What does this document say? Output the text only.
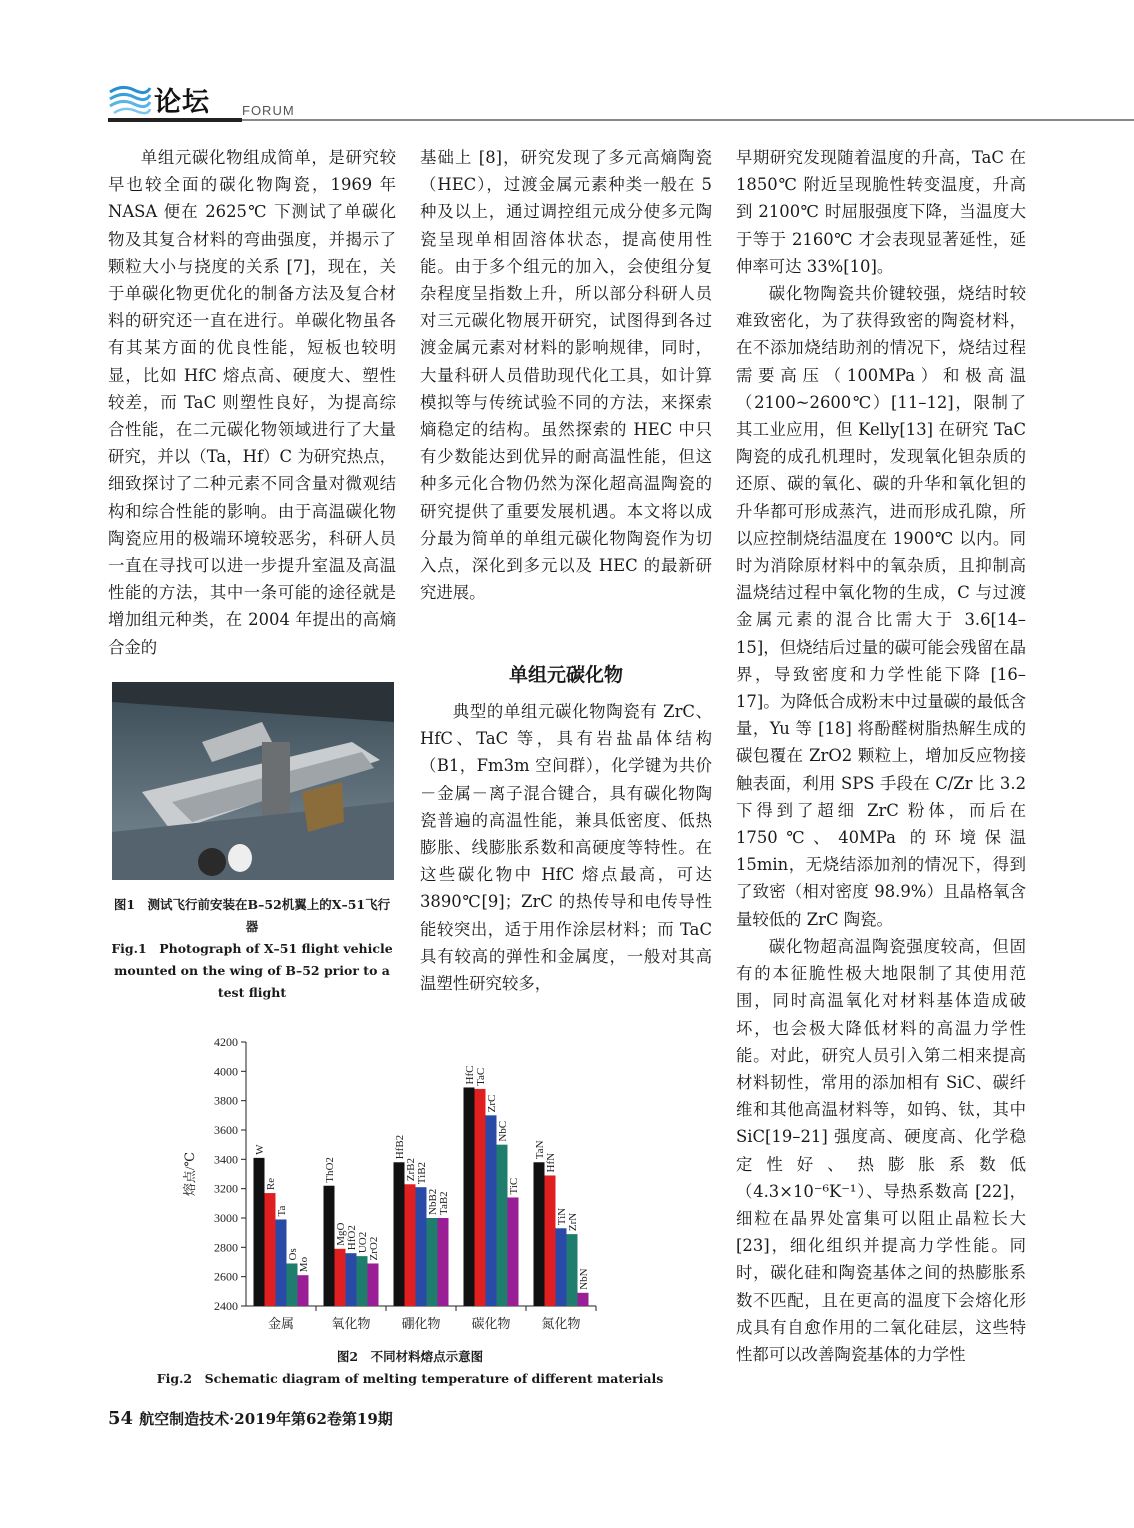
论坛 FORUM

单组元碳化物组成简单，是研究较早也较全面的碳化物陶瓷，1969 年 NASA 便在 2625℃ 下测试了单碳化物及其复合材料的弯曲强度，并揭示了颗粒大小与挠度的关系 [7]，现在，关于单碳化物更优化的制备方法及复合材料的研究还一直在进行。单碳化物虽各有其某方面的优良性能，短板也较明显，比如 HfC 熔点高、硬度大、塑性较差，而 TaC 则塑性良好，为提高综合性能，在二元碳化物领域进行了大量研究，并以（Ta，Hf）C 为研究热点，细致探讨了二种元素不同含量对微观结构和综合性能的影响。由于高温碳化物陶瓷应用的极端环境较恶劣，科研人员一直在寻找可以进一步提升室温及高温性能的方法，其中一条可能的途径就是增加组元种类，在 2004 年提出的高熵合金的

图1　测试飞行前安装在B–52机翼上的X–51飞行器
Fig.1　Photograph of X–51 flight vehicle mounted on the wing of B–52 prior to a test flight

基础上 [8]，研究发现了多元高熵陶瓷（HEC），过渡金属元素种类一般在 5 种及以上，通过调控组元成分使多元陶瓷呈现单相固溶体状态，提高使用性能。由于多个组元的加入，会使组分复杂程度呈指数上升，所以部分科研人员对三元碳化物展开研究，试图得到各过渡金属元素对材料的影响规律，同时，大量科研人员借助现代化工具，如计算模拟等与传统试验不同的方法，来探索熵稳定的结构。虽然探索的 HEC 中只有少数能达到优异的耐高温性能，但这种多元化合物仍然为深化超高温陶瓷的研究提供了重要发展机遇。本文将以成分最为简单的单组元碳化物陶瓷作为切入点，深化到多元以及 HEC 的最新研究进展。

单组元碳化物

典型的单组元碳化物陶瓷有 ZrC、HfC、TaC 等，具有岩盐晶体结构（B1，Fm3m 空间群），化学键为共价－金属－离子混合键合，具有碳化物陶瓷普遍的高温性能，兼具低密度、低热膨胀、线膨胀系数和高硬度等特性。在这些碳化物中 HfC 熔点最高，可达 3890℃[9]；ZrC 的热传导和电传导性能较突出，适于用作涂层材料；而 TaC 具有较高的弹性和金属度，一般对其高温塑性研究较多，

早期研究发现随着温度的升高，TaC 在 1850℃ 附近呈现脆性转变温度，升高到 2100℃ 时屈服强度下降，当温度大于等于 2160℃ 才会表现显著延性，延伸率可达 33%[10]。

碳化物陶瓷共价键较强，烧结时较难致密化，为了获得致密的陶瓷材料，在不添加烧结助剂的情况下，烧结过程需要高压（100MPa）和极高温（2100~2600℃）[11–12]，限制了其工业应用，但 Kelly[13] 在研究 TaC 陶瓷的成孔机理时，发现氧化钽杂质的还原、碳的氧化、碳的升华和氧化钽的升华都可形成蒸汽，进而形成孔隙，所以应控制烧结温度在 1900℃ 以内。同时为消除原材料中的氧杂质，且抑制高温烧结过程中氧化物的生成，C 与过渡金属元素的混合比需大于 3.6[14–15]，但烧结后过量的碳可能会残留在晶界，导致密度和力学性能下降 [16–17]。为降低合成粉末中过量碳的最低含量，Yu 等 [18] 将酚醛树脂热解生成的碳包覆在 ZrO2 颗粒上，增加反应物接触表面，利用 SPS 手段在 C/Zr 比 3.2 下得到了超细 ZrC 粉体，而后在 1750℃、40MPa 的环境保温 15min，无烧结添加剂的情况下，得到了致密（相对密度 98.9%）且晶格氧含量较低的 ZrC 陶瓷。

碳化物超高温陶瓷强度较高，但固有的本征脆性极大地限制了其使用范围，同时高温氧化对材料基体造成破坏，也会极大降低材料的高温力学性能。对此，研究人员引入第二相来提高材料韧性，常用的添加相有 SiC、碳纤维和其他高温材料等，如钨、钛，其中 SiC[19–21] 强度高、硬度高、化学稳定性好、热膨胀系数低（4.3×10⁻⁶K⁻¹）、导热系数高 [22]，细粒在晶界处富集可以阻止晶粒长大 [23]，细化组织并提高力学性能。同时，碳化硅和陶瓷基体之间的热膨胀系数不匹配，且在更高的温度下会熔化形成具有自愈作用的二氧化硅层，这些特性都可以改善陶瓷基体的力学性

2400
2600
2800
3000
3200
3400
3600
3800
4000
4200
熔点/℃
W
Re
Ta
Os
Mo
金属
ThO2
MgO HfO2 UO2 ZrO2
氧化物
HfB2
ZrB2 TiB2
NbB2 TaB2
硼化物
HfC TaC
ZrC
NbC
TiC
碳化物
TaN
HfN
TiN ZrN
NbN
氮化物
图2　不同材料熔点示意图
Fig.2　Schematic diagram of melting temperature of different materials
54 航空制造技术·2019年第62卷第19期
